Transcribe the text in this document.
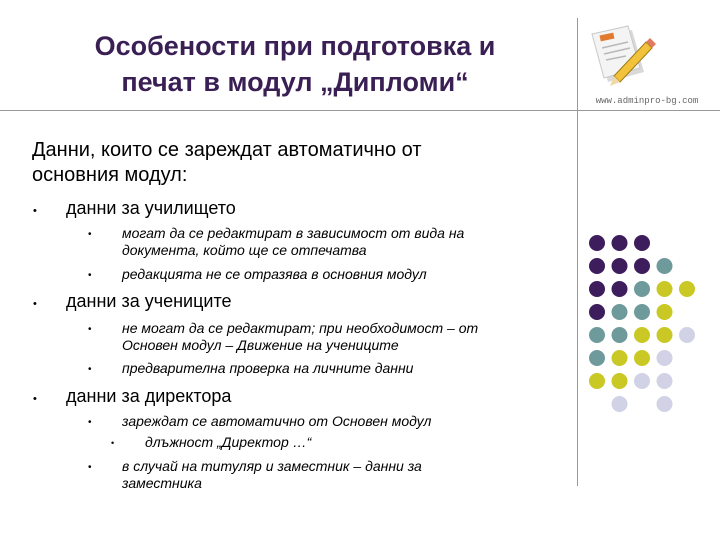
Особености при подготовка и
печат в модул „Дипломи“
www.adminpro-bg.com
Данни, които се зареждат автоматично от
основния модул:
• данни за училището
• могат да се редактират в зависимост от вида на
документа, който ще се отпечатва
• редакцията не се отразява в основния модул
• данни за учениците
• не могат да се редактират; при необходимост – от
Основен модул – Движение на учениците
• предварителна проверка на личните данни
• данни за директора
• зареждат се автоматично от Основен модул
• длъжност „Директор …“
• в случай на титуляр и заместник – данни за
заместника
